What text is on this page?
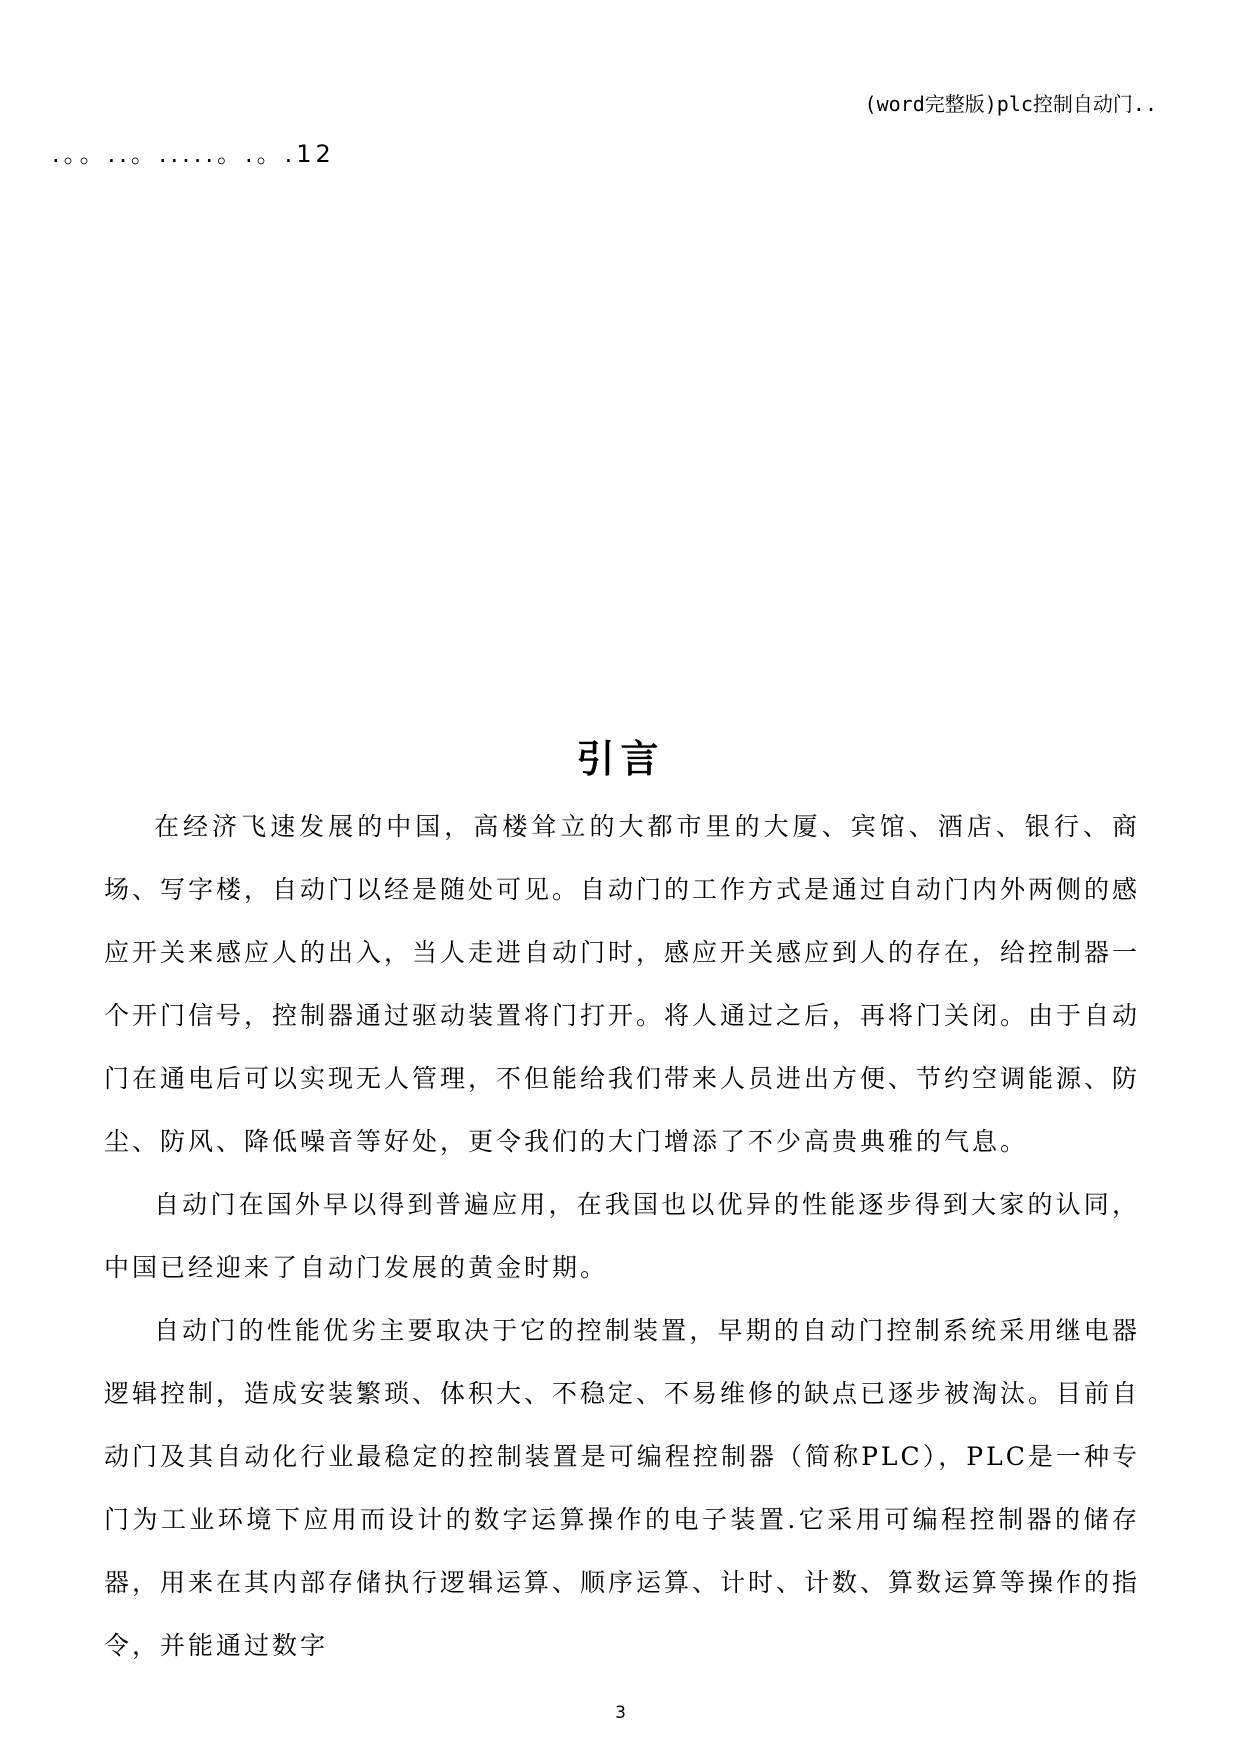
(word完整版)plc控制自动门..
.。。..。.....。.。.12
引言

在经济飞速发展的中国，高楼耸立的大都市里的大厦、宾馆、酒店、银行、商场、写字楼，自动门以经是随处可见。自动门的工作方式是通过自动门内外两侧的感应开关来感应人的出入，当人走进自动门时，感应开关感应到人的存在，给控制器一个开门信号，控制器通过驱动装置将门打开。将人通过之后，再将门关闭。由于自动门在通电后可以实现无人管理，不但能给我们带来人员进出方便、节约空调能源、防尘、防风、降低噪音等好处，更令我们的大门增添了不少高贵典雅的气息。

自动门在国外早以得到普遍应用，在我国也以优异的性能逐步得到大家的认同，中国已经迎来了自动门发展的黄金时期。

自动门的性能优劣主要取决于它的控制装置，早期的自动门控制系统采用继电器逻辑控制，造成安装繁琐、体积大、不稳定、不易维修的缺点已逐步被淘汰。目前自动门及其自动化行业最稳定的控制装置是可编程控制器（简称PLC），PLC是一种专门为工业环境下应用而设计的数字运算操作的电子装置.它采用可编程控制器的储存器，用来在其内部存储执行逻辑运算、顺序运算、计时、计数、算数运算等操作的指令，并能通过数字

3
